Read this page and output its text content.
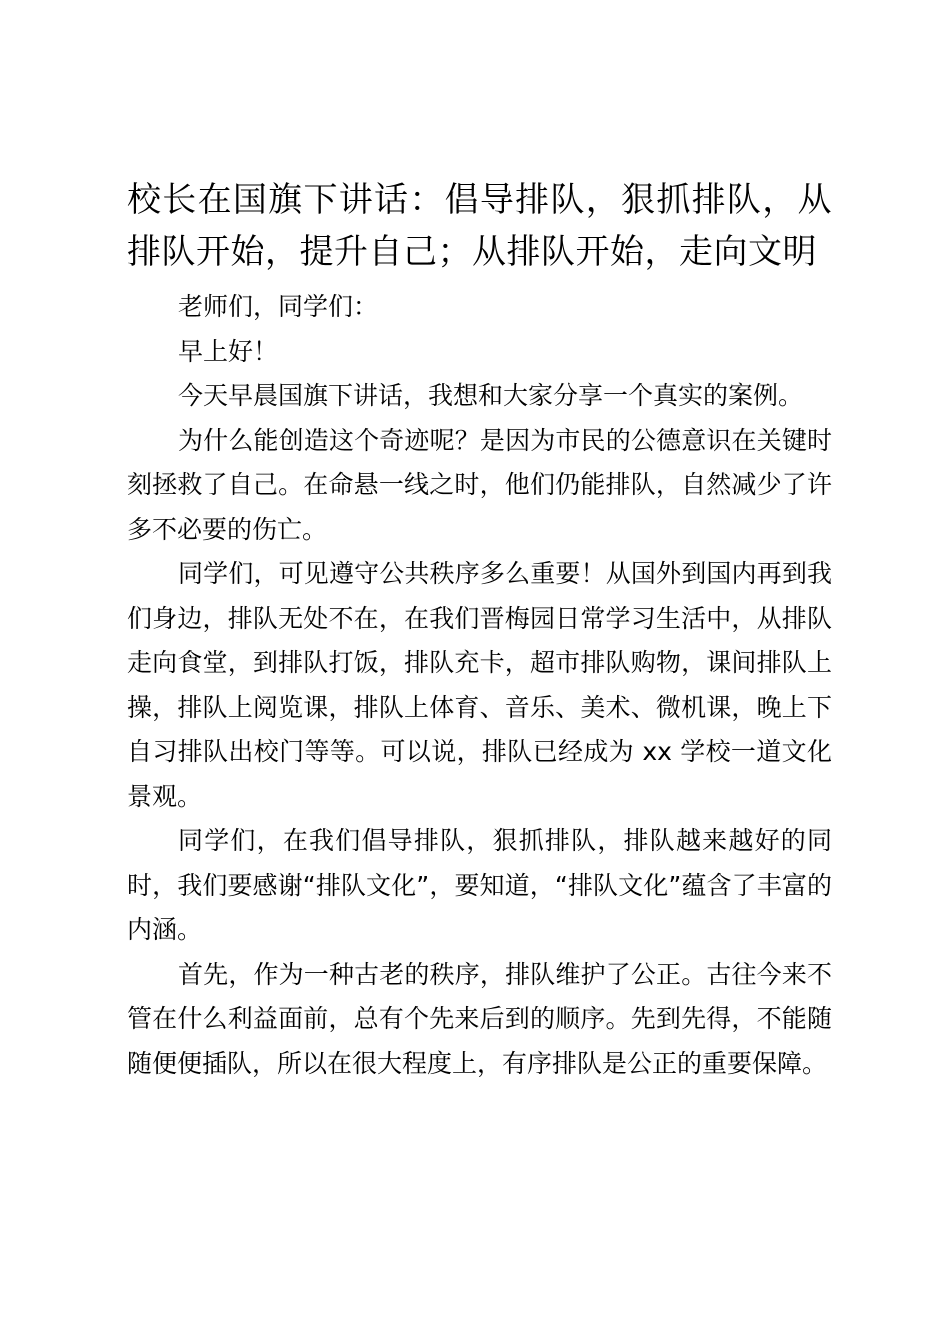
校长在国旗下讲话：倡导排队，狠抓排队，从排队开始，提升自己；从排队开始，走向文明

老师们，同学们：

早上好！

今天早晨国旗下讲话，我想和大家分享一个真实的案例。

为什么能创造这个奇迹呢？是因为市民的公德意识在关键时刻拯救了自己。在命悬一线之时，他们仍能排队，自然减少了许多不必要的伤亡。

同学们，可见遵守公共秩序多么重要！从国外到国内再到我们身边，排队无处不在，在我们晋梅园日常学习生活中，从排队走向食堂，到排队打饭，排队充卡，超市排队购物，课间排队上操，排队上阅览课，排队上体育、音乐、美术、微机课，晚上下自习排队出校门等等。可以说，排队已经成为 xx 学校一道文化景观。

同学们，在我们倡导排队，狠抓排队，排队越来越好的同时，我们要感谢“排队文化”，要知道，“排队文化”蕴含了丰富的内涵。

首先，作为一种古老的秩序，排队维护了公正。古往今来不管在什么利益面前，总有个先来后到的顺序。先到先得，不能随随便便插队，所以在很大程度上，有序排队是公正的重要保障。
